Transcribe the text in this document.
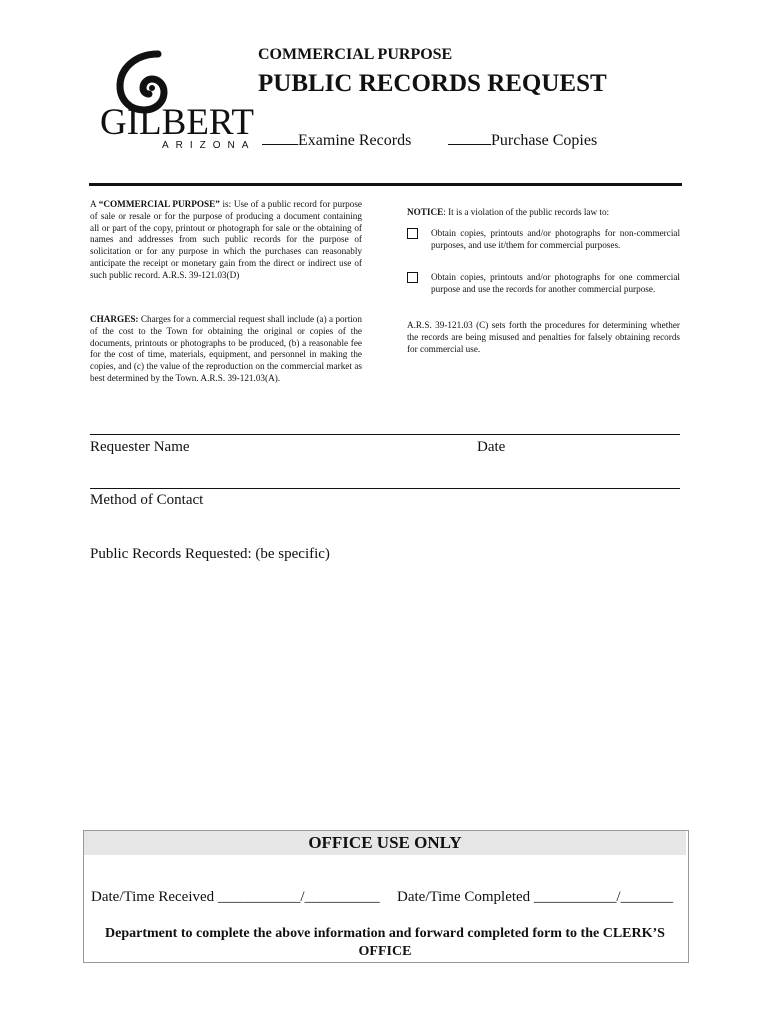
GILBERT
ARIZONA
COMMERCIAL PURPOSE
PUBLIC RECORDS REQUEST
Examine Records	Purchase Copies
A “COMMERCIAL PURPOSE” is: Use of a public record for purpose of sale or resale or for the purpose of producing a document containing all or part of the copy, printout or photograph for sale or the obtaining of names and addresses from such public records for the purpose of solicitation or for any purpose in which the purchases can reasonably anticipate the receipt or monetary gain from the direct or indirect use of such public record. A.R.S. 39-121.03(D)
CHARGES: Charges for a commercial request shall include (a) a portion of the cost to the Town for obtaining the original or copies of the documents, printouts or photographs to be produced, (b) a reasonable fee for the cost of time, materials, equipment, and personnel in making the copies, and (c) the value of the reproduction on the commercial market as best determined by the Town. A.R.S. 39-121.03(A).
NOTICE: It is a violation of the public records law to:
Obtain copies, printouts and/or photographs for non-commercial purposes, and use it/them for commercial purposes.
Obtain copies, printouts and/or photographs for one commercial purpose and use the records for another commercial purpose.
A.R.S. 39-121.03 (C) sets forth the procedures for determining whether the records are being misused and penalties for falsely obtaining records for commercial use.
Requester Name	Date
Method of Contact
Public Records Requested: (be specific)
OFFICE USE ONLY
Date/Time Received ___________/__________ Date/Time Completed ___________/_______
Department to complete the above information and forward completed form to the CLERK’S OFFICE
